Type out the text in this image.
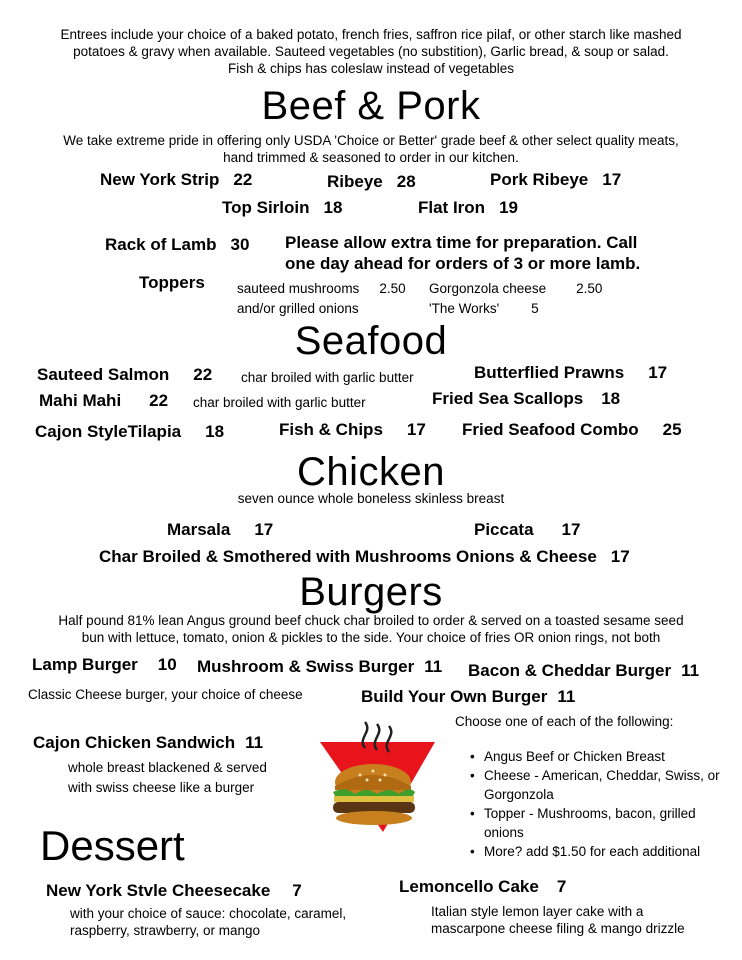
Entrees include your choice of a baked potato, french fries, saffron rice pilaf, or other starch like mashed
potatoes & gravy when available. Sauteed vegetables (no substition), Garlic bread, & soup or salad.
Fish & chips has coleslaw instead of vegetables
Beef & Pork
We take extreme pride in offering only USDA 'Choice or Better' grade beef & other select quality meats,
hand trimmed & seasoned to order in our kitchen.
New York Strip 22	Ribeye 28	Pork Ribeye 17
Top Sirloin 18	Flat Iron 19
Rack of Lamb 30 Please allow extra time for preparation. Call
one day ahead for orders of 3 or more lamb.
Toppers sauteed mushrooms 2.50
and/or grilled onions
Gorgonzola cheese 2.50
'The Works' 5
Seafood
Sauteed Salmon 22 char broiled with garlic butter	Butterflied Prawns 17
Mahi Mahi 22 char broiled with garlic butter	Fried Sea Scallops 18
Cajon StyleTilapia 18	Fish & Chips 17 Fried Seafood Combo 25
Chicken
seven ounce whole boneless skinless breast
Marsala 17	Piccata 17
Char Broiled & Smothered with Mushrooms Onions & Cheese 17
Burgers
Half pound 81% lean Angus ground beef chuck char broiled to order & served on a toasted sesame seed
bun with lettuce, tomato, onion & pickles to the side. Your choice of fries OR onion rings, not both
Lamp Burger 10 Mushroom & Swiss Burger 11 Bacon & Cheddar Burger 11
Classic Cheese burger, your choice of cheese	Build Your Own Burger 11
Choose one of each of the following:
• Angus Beef or Chicken Breast
• Cheese - American, Cheddar, Swiss, or Gorgonzola
• Topper - Mushrooms, bacon, grilled onions
• More? add $1.50 for each additional
Cajon Chicken Sandwich 11
whole breast blackened & served
with swiss cheese like a burger
Dessert
New York Stvle Cheesecake 7
with your choice of sauce: chocolate, caramel,
raspberry, strawberry, or mango
Lemoncello Cake 7
Italian style lemon layer cake with a
mascarpone cheese filing & mango drizzle
